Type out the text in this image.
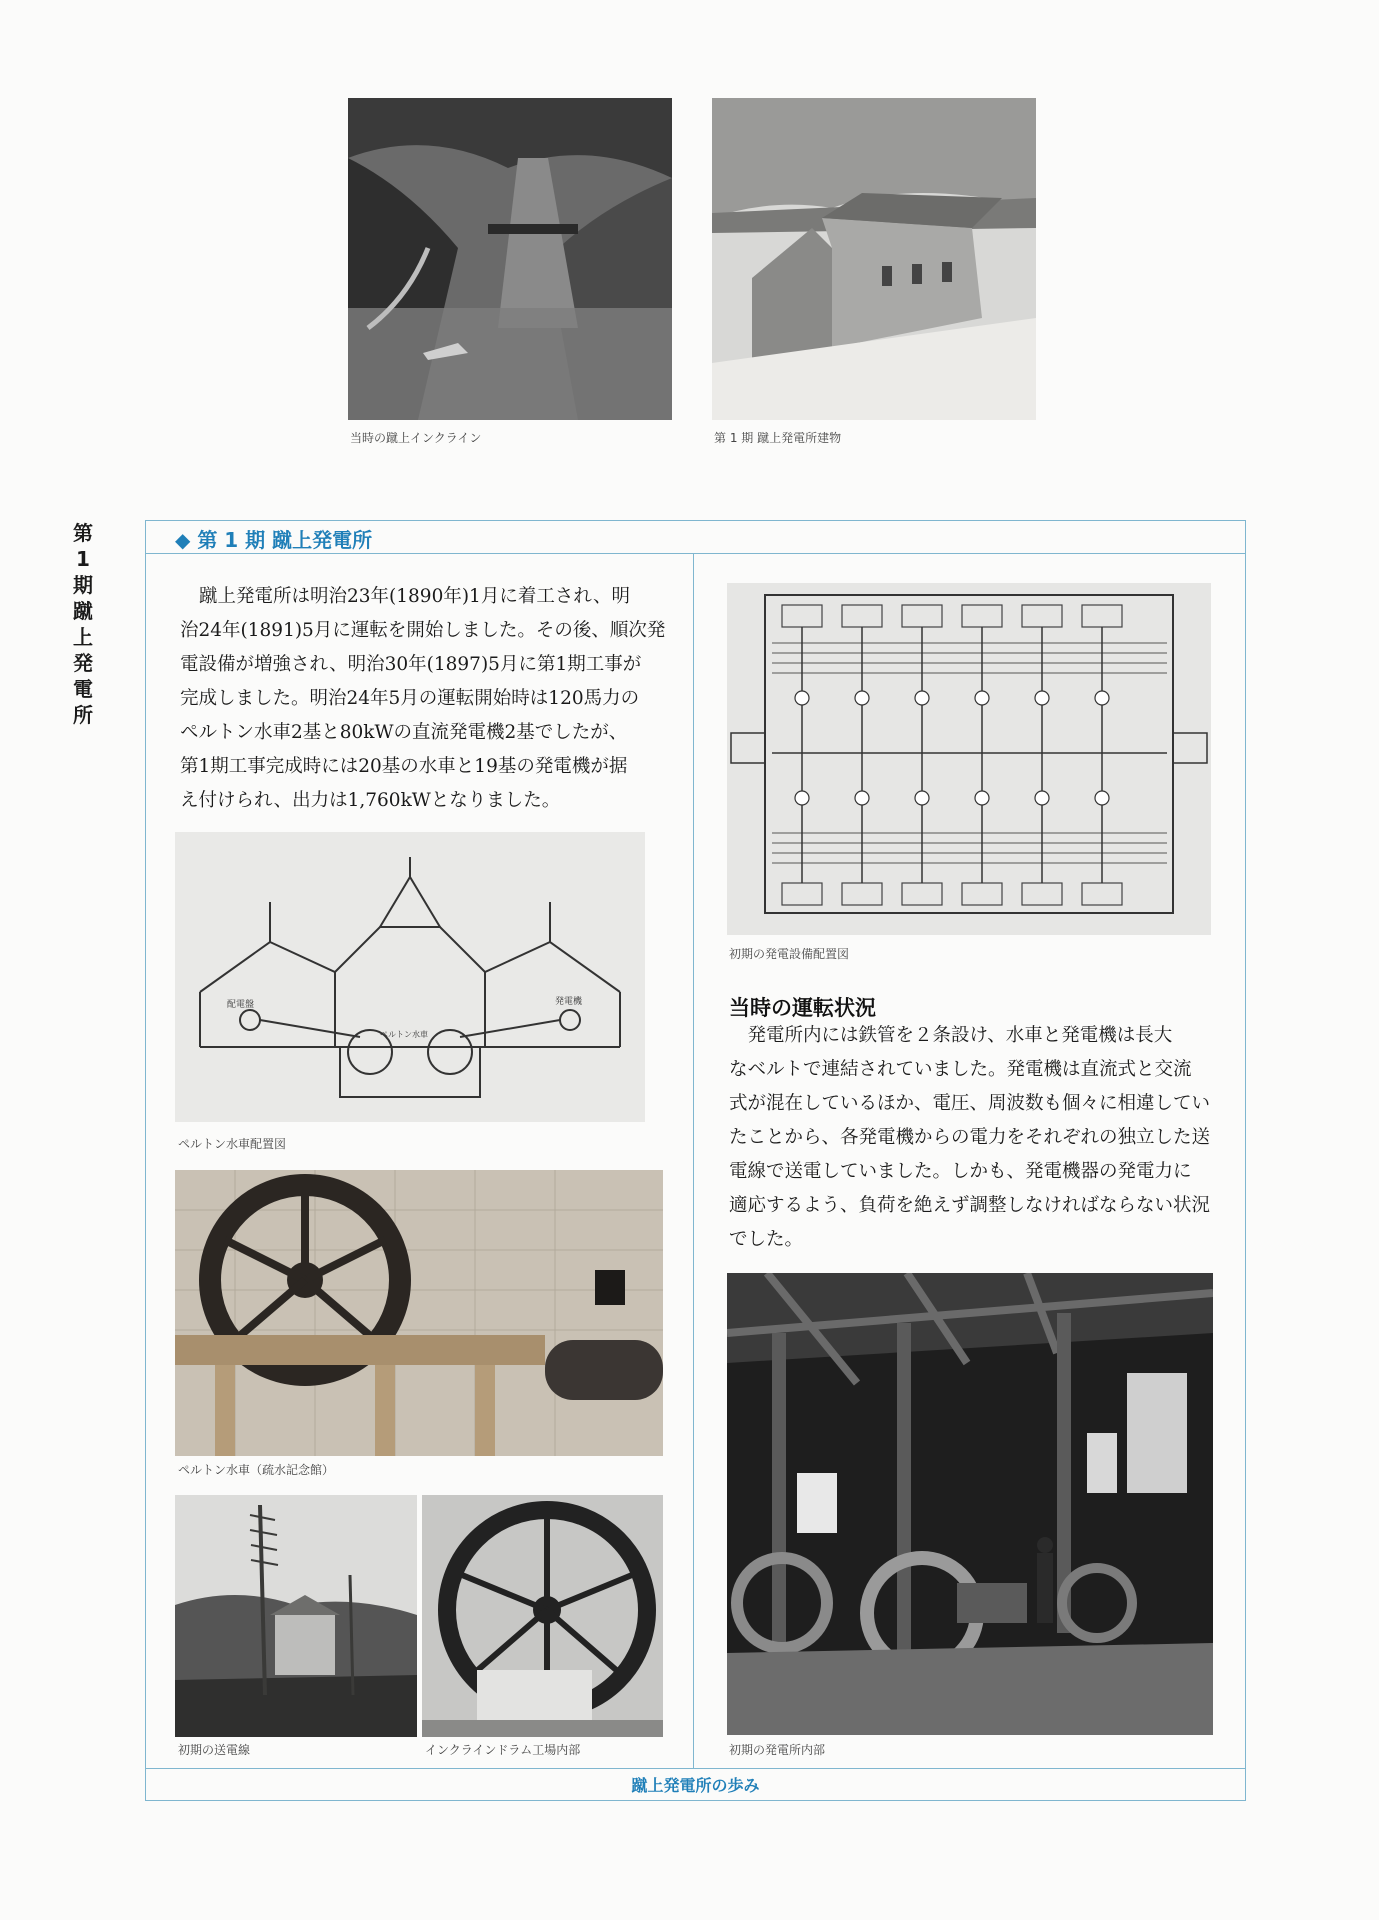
当時の蹴上インクライン	第 1 期 蹴上発電所建物
第
1
期
蹴
上
発
電
所
◆ 第 1 期 蹴上発電所
蹴上発電所は明治23年(1890年)1月に着工され、明
治24年(1891)5月に運転を開始しました。その後、順次発
電設備が増強され、明治30年(1897)5月に第1期工事が
完成しました。明治24年5月の運転開始時は120馬力の
ペルトン水車2基と80kWの直流発電機2基でしたが、
第1期工事完成時には20基の水車と19基の発電機が据
え付けられ、出力は1,760kWとなりました。
配電盤	発電機
ペルトン水車
ペルトン水車配置図
ペルトン水車（疏水記念館）
初期の送電線	インクラインドラム工場内部
初期の発電設備配置図
当時の運転状況
　発電所内には鉄管を２条設け、水車と発電機は長大
なベルトで連結されていました。発電機は直流式と交流
式が混在しているほか、電圧、周波数も個々に相違してい
たことから、各発電機からの電力をそれぞれの独立した送
電線で送電していました。しかも、発電機器の発電力に
適応するよう、負荷を絶えず調整しなければならない状況
でした。
初期の発電所内部
蹴上発電所の歩み
